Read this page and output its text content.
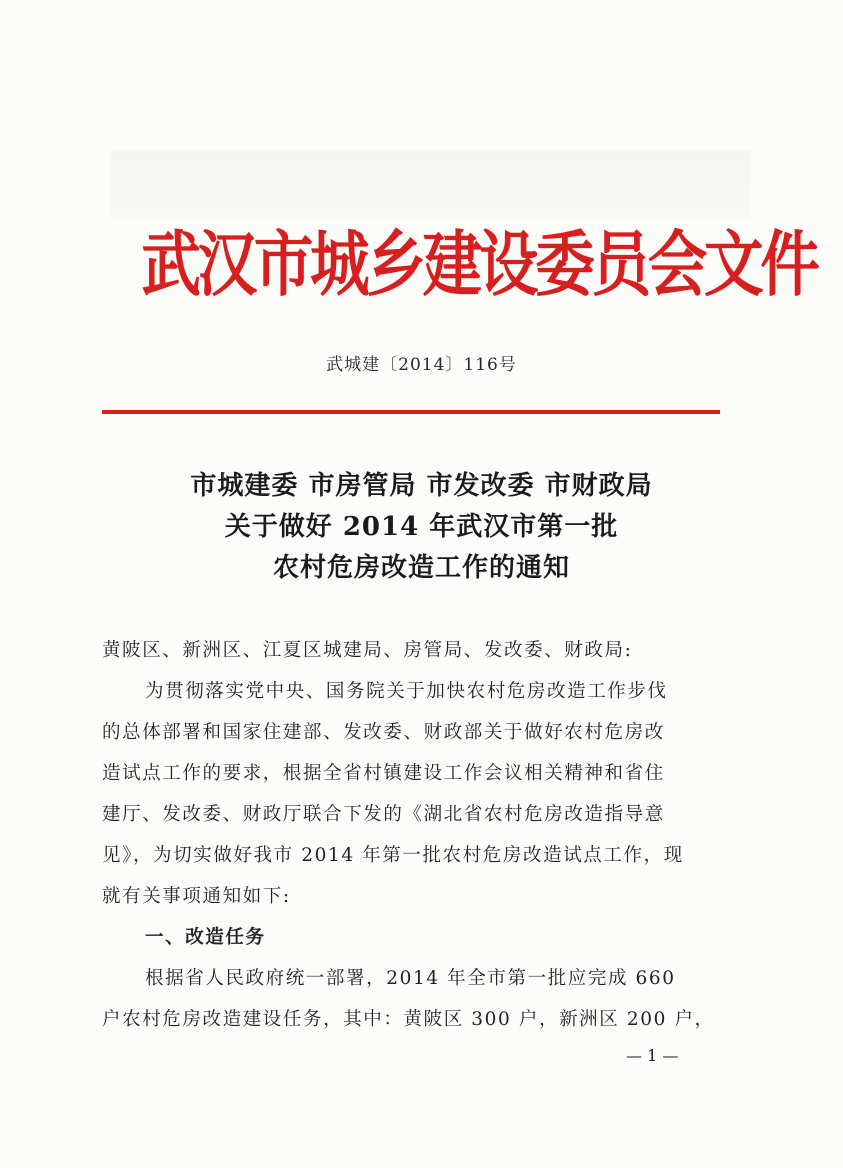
武汉市城乡建设委员会文件
武城建〔2014〕116号
市城建委 市房管局 市发改委 市财政局
关于做好 2014 年武汉市第一批
农村危房改造工作的通知
黄陂区、新洲区、江夏区城建局、房管局、发改委、财政局:
为贯彻落实党中央、国务院关于加快农村危房改造工作步伐
的总体部署和国家住建部、发改委、财政部关于做好农村危房改
造试点工作的要求，根据全省村镇建设工作会议相关精神和省住
建厅、发改委、财政厅联合下发的《湖北省农村危房改造指导意
见》，为切实做好我市 2014 年第一批农村危房改造试点工作，现
就有关事项通知如下:
一、改造任务
根据省人民政府统一部署，2014 年全市第一批应完成 660
户农村危房改造建设任务，其中：黄陂区 300 户，新洲区 200 户，
— 1 —
